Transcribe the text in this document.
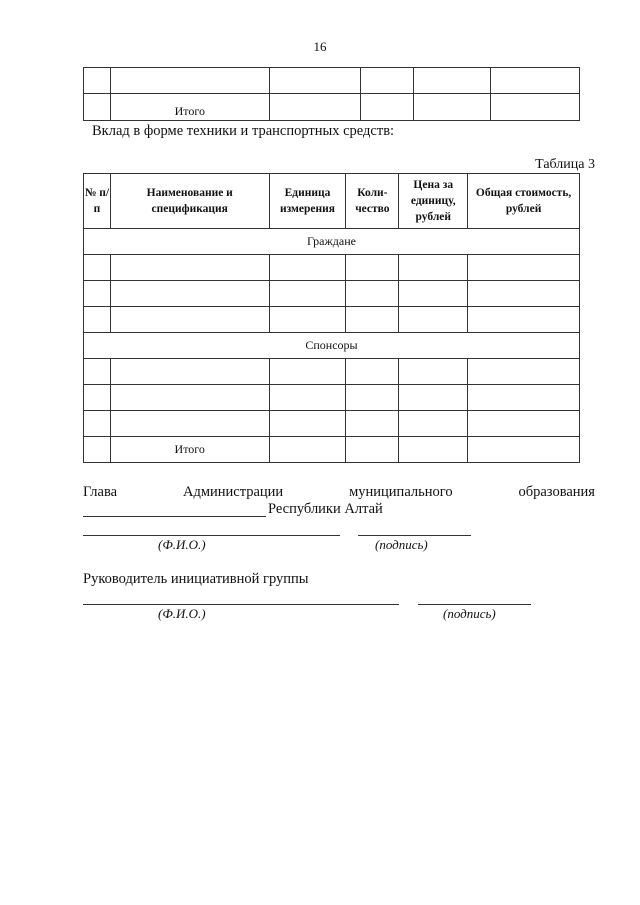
16

	Итого				
Вклад в форме техники и транспортных средств:
Таблица 3
№ п/п	Наименование и спецификация	Единица измерения	Коли-чество	Цена за единицу, рублей	Общая стоимость, рублей
Граждане					

Спонсоры					

	Итого				
Глава	Администрации	муниципального	образования
Республики Алтай
(Ф.И.О.)	(подпись)
Руководитель инициативной группы
(Ф.И.О.)	(подпись)
